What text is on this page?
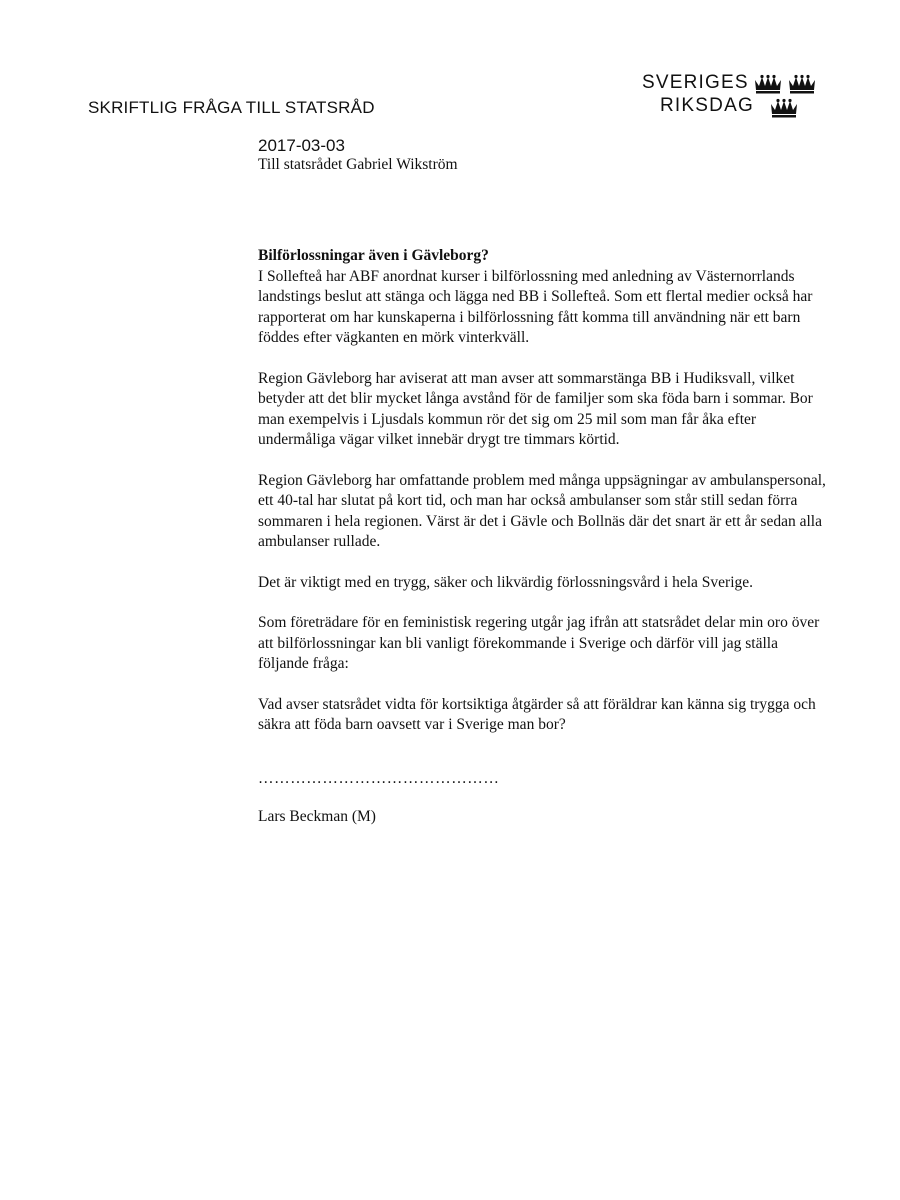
SKRIFTLIG FRÅGA TILL STATSRÅD
SVERIGES
RIKSDAG
2017-03-03
Till statsrådet Gabriel Wikström
Bilförlossningar även i Gävleborg?

I Sollefteå har ABF anordnat kurser i bilförlossning med anledning av Västernorrlands landstings beslut att stänga och lägga ned BB i Sollefteå. Som ett flertal medier också har rapporterat om har kunskaperna i bilförlossning fått komma till användning när ett barn föddes efter vägkanten en mörk vinterkväll.

Region Gävleborg har aviserat att man avser att sommarstänga BB i Hudiksvall, vilket betyder att det blir mycket långa avstånd för de familjer som ska föda barn i sommar. Bor man exempelvis i Ljusdals kommun rör det sig om 25 mil som man får åka efter undermåliga vägar vilket innebär drygt tre timmars körtid.

Region Gävleborg har omfattande problem med många uppsägningar av ambulanspersonal, ett 40-tal har slutat på kort tid, och man har också ambulanser som står still sedan förra sommaren i hela regionen. Värst är det i Gävle och Bollnäs där det snart är ett år sedan alla ambulanser rullade.

Det är viktigt med en trygg, säker och likvärdig förlossningsvård i hela Sverige.

Som företrädare för en feministisk regering utgår jag ifrån att statsrådet delar min oro över att bilförlossningar kan bli vanligt förekommande i Sverige och därför vill jag ställa följande fråga:

Vad avser statsrådet vidta för kortsiktiga åtgärder så att föräldrar kan känna sig trygga och säkra att föda barn oavsett var i Sverige man bor?

………………………………………
Lars Beckman (M)
